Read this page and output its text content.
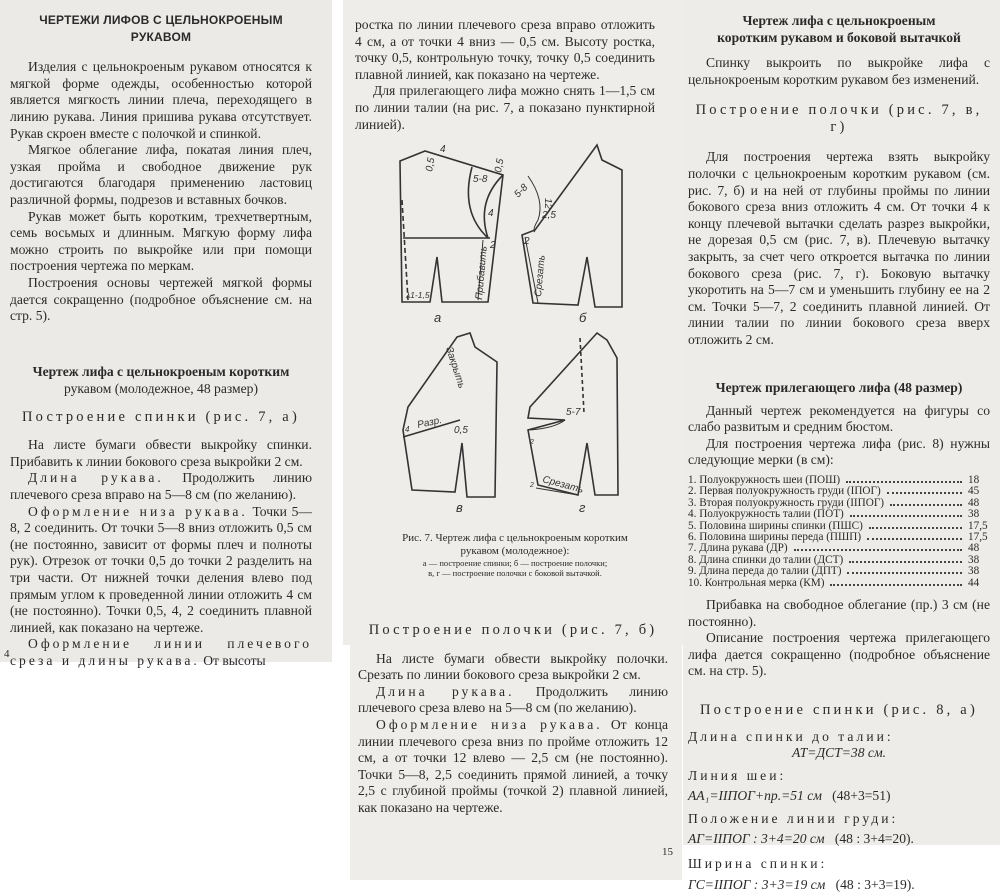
ЧЕРТЕЖИ ЛИФОВ С ЦЕЛЬНОКРОЕНЫМ РУКАВОМ

Изделия с цельнокроеным рукавом относятся к мягкой форме одежды, особенностью которой является мягкость линии плеча, переходящего в линию рукава. Линия пришива рукава отсутствует. Рукав скроен вместе с полочкой и спинкой.

Мягкое облегание лифа, покатая линия плеч, узкая пройма и свободное движение рук достигаются благодаря применению ластовиц различной формы, подрезов и вставных бочков.

Рукав может быть коротким, трехчетвертным, семь восьмых и длинным. Мягкую форму лифа можно строить по выкройке или при помощи построения чертежа по меркам.

Построения основы чертежей мягкой формы дается сокращенно (подробное объяснение см. на стр. 5).

Чертеж лифа с цельнокроеным коротким

рукавом (молодежное, 48 размер)

Построение спинки (рис. 7, а)

На листе бумаги обвести выкройку спинки. Прибавить к линии бокового среза выкройки 2 см.

Длина рукава. Продолжить линию плечевого среза вправо на 5—8 см (по желанию).

Оформление низа рукава. Точки 5—8, 2 соединить. От точки 5—8 вниз отложить 0,5 см (не постоянно, зависит от формы плеч и полноты рук). Отрезок от точки 0,5 до точки 2 разделить на три части. От нижней точки деления влево под прямым углом к проведенной линии отложить 4 см (не постоянно). Точки 0,5, 4, 2 соединить плавной линией, как показано на чертеже.

Оформление линии плечевого среза и длины рукава. От высоты

4

ростка по линии плечевого среза вправо отложить 4 см, а от точки 4 вниз — 0,5 см. Высоту ростка, точку 0,5, контрольную точку, точку 0,5 соединить плавной линией, как показано на чертеже.

Для прилегающего лифа можно снять 1—1,5 см по линии талии (на рис. 7, а показано пунктирной линией).

4
0,5
5-8
0,5
4
2
Прибавить
λ1-1,5
а
5-8
12
2,5
2
Срезать
б
Закрыть
Разр.
4	0,5
в
5-7
Срезать
2
2
г
Рис. 7. Чертеж лифа с цельнокроеным коротким
рукавом (молодежное):
а — построение спинки; б — построение полочки;
в, г — построение полочки с боковой вытачкой.

Построение полочки (рис. 7, б)

На листе бумаги обвести выкройку полочки. Срезать по линии бокового среза выкройки 2 см.

Длина рукава. Продолжить линию плечевого среза влево на 5—8 см (по желанию).

Оформление низа рукава. От конца линии плечевого среза вниз по пройме отложить 12 см, а от точки 12 влево — 2,5 см (не постоянно). Точки 5—8, 2,5 соединить прямой линией, а точку 2,5 с глубиной проймы (точкой 2) плавной линией, как показано на чертеже.

15

Чертеж лифа с цельнокроеным

коротким рукавом и боковой вытачкой

Спинку выкроить по выкройке лифа с цельнокроеным коротким рукавом без изменений.

Построение полочки (рис. 7, в, г)

Для построения чертежа взять выкройку полочки с цельнокроеным коротким рукавом (см. рис. 7, б) и на ней от глубины проймы по линии бокового среза вниз отложить 4 см. От точки 4 к концу плечевой вытачки сделать разрез выкройки, не дорезая 0,5 см (рис. 7, в). Плечевую вытачку закрыть, за счет чего откроется вытачка по линии бокового среза (рис. 7, г). Боковую вытачку укоротить на 5—7 см и уменьшить глубину ее на 2 см. Точки 5—7, 2 соединить плавной линией. От линии талии по линии бокового среза вверх отложить 2 см.

Чертеж прилегающего лифа (48 размер)

Данный чертеж рекомендуется на фигуры со слабо развитым и средним бюстом.

Для построения чертежа лифа (рис. 8) нужны следующие мерки (в см):

1. Полуокружность шеи (ПОШ)	18
2. Первая полуокружность груди (IПОГ)	45
3. Вторая полуокружность груди (IIПОГ)	48
4. Полуокружность талии (ПОТ)	38
5. Половина ширины спинки (ПШС)	17,5
6. Половина ширины переда (ПШП)	17,5
7. Длина рукава (ДР)	48
8. Длина спинки до талии (ДСТ)	38
9. Длина переда до талии (ДПТ)	38
10. Контрольная мерка (КМ)	44

Прибавка на свободное облегание (пр.) 3 см (не постоянно).

Описание построения чертежа прилегающего лифа дается сокращенно (подробное объяснение см. на стр. 5).

Построение спинки (рис. 8, а)

Длина спинки до талии:
АТ=ДСТ=38 см.
Линия шеи:
АА₁=IIПОГ+пр.=51 см (48+3=51)
Положение линии груди:
АГ=IIПОГ : 3+4=20 см (48 : 3+4=20).
Ширина спинки:
ГС=IIПОГ : 3+3=19 см (48 : 3+3=19).
